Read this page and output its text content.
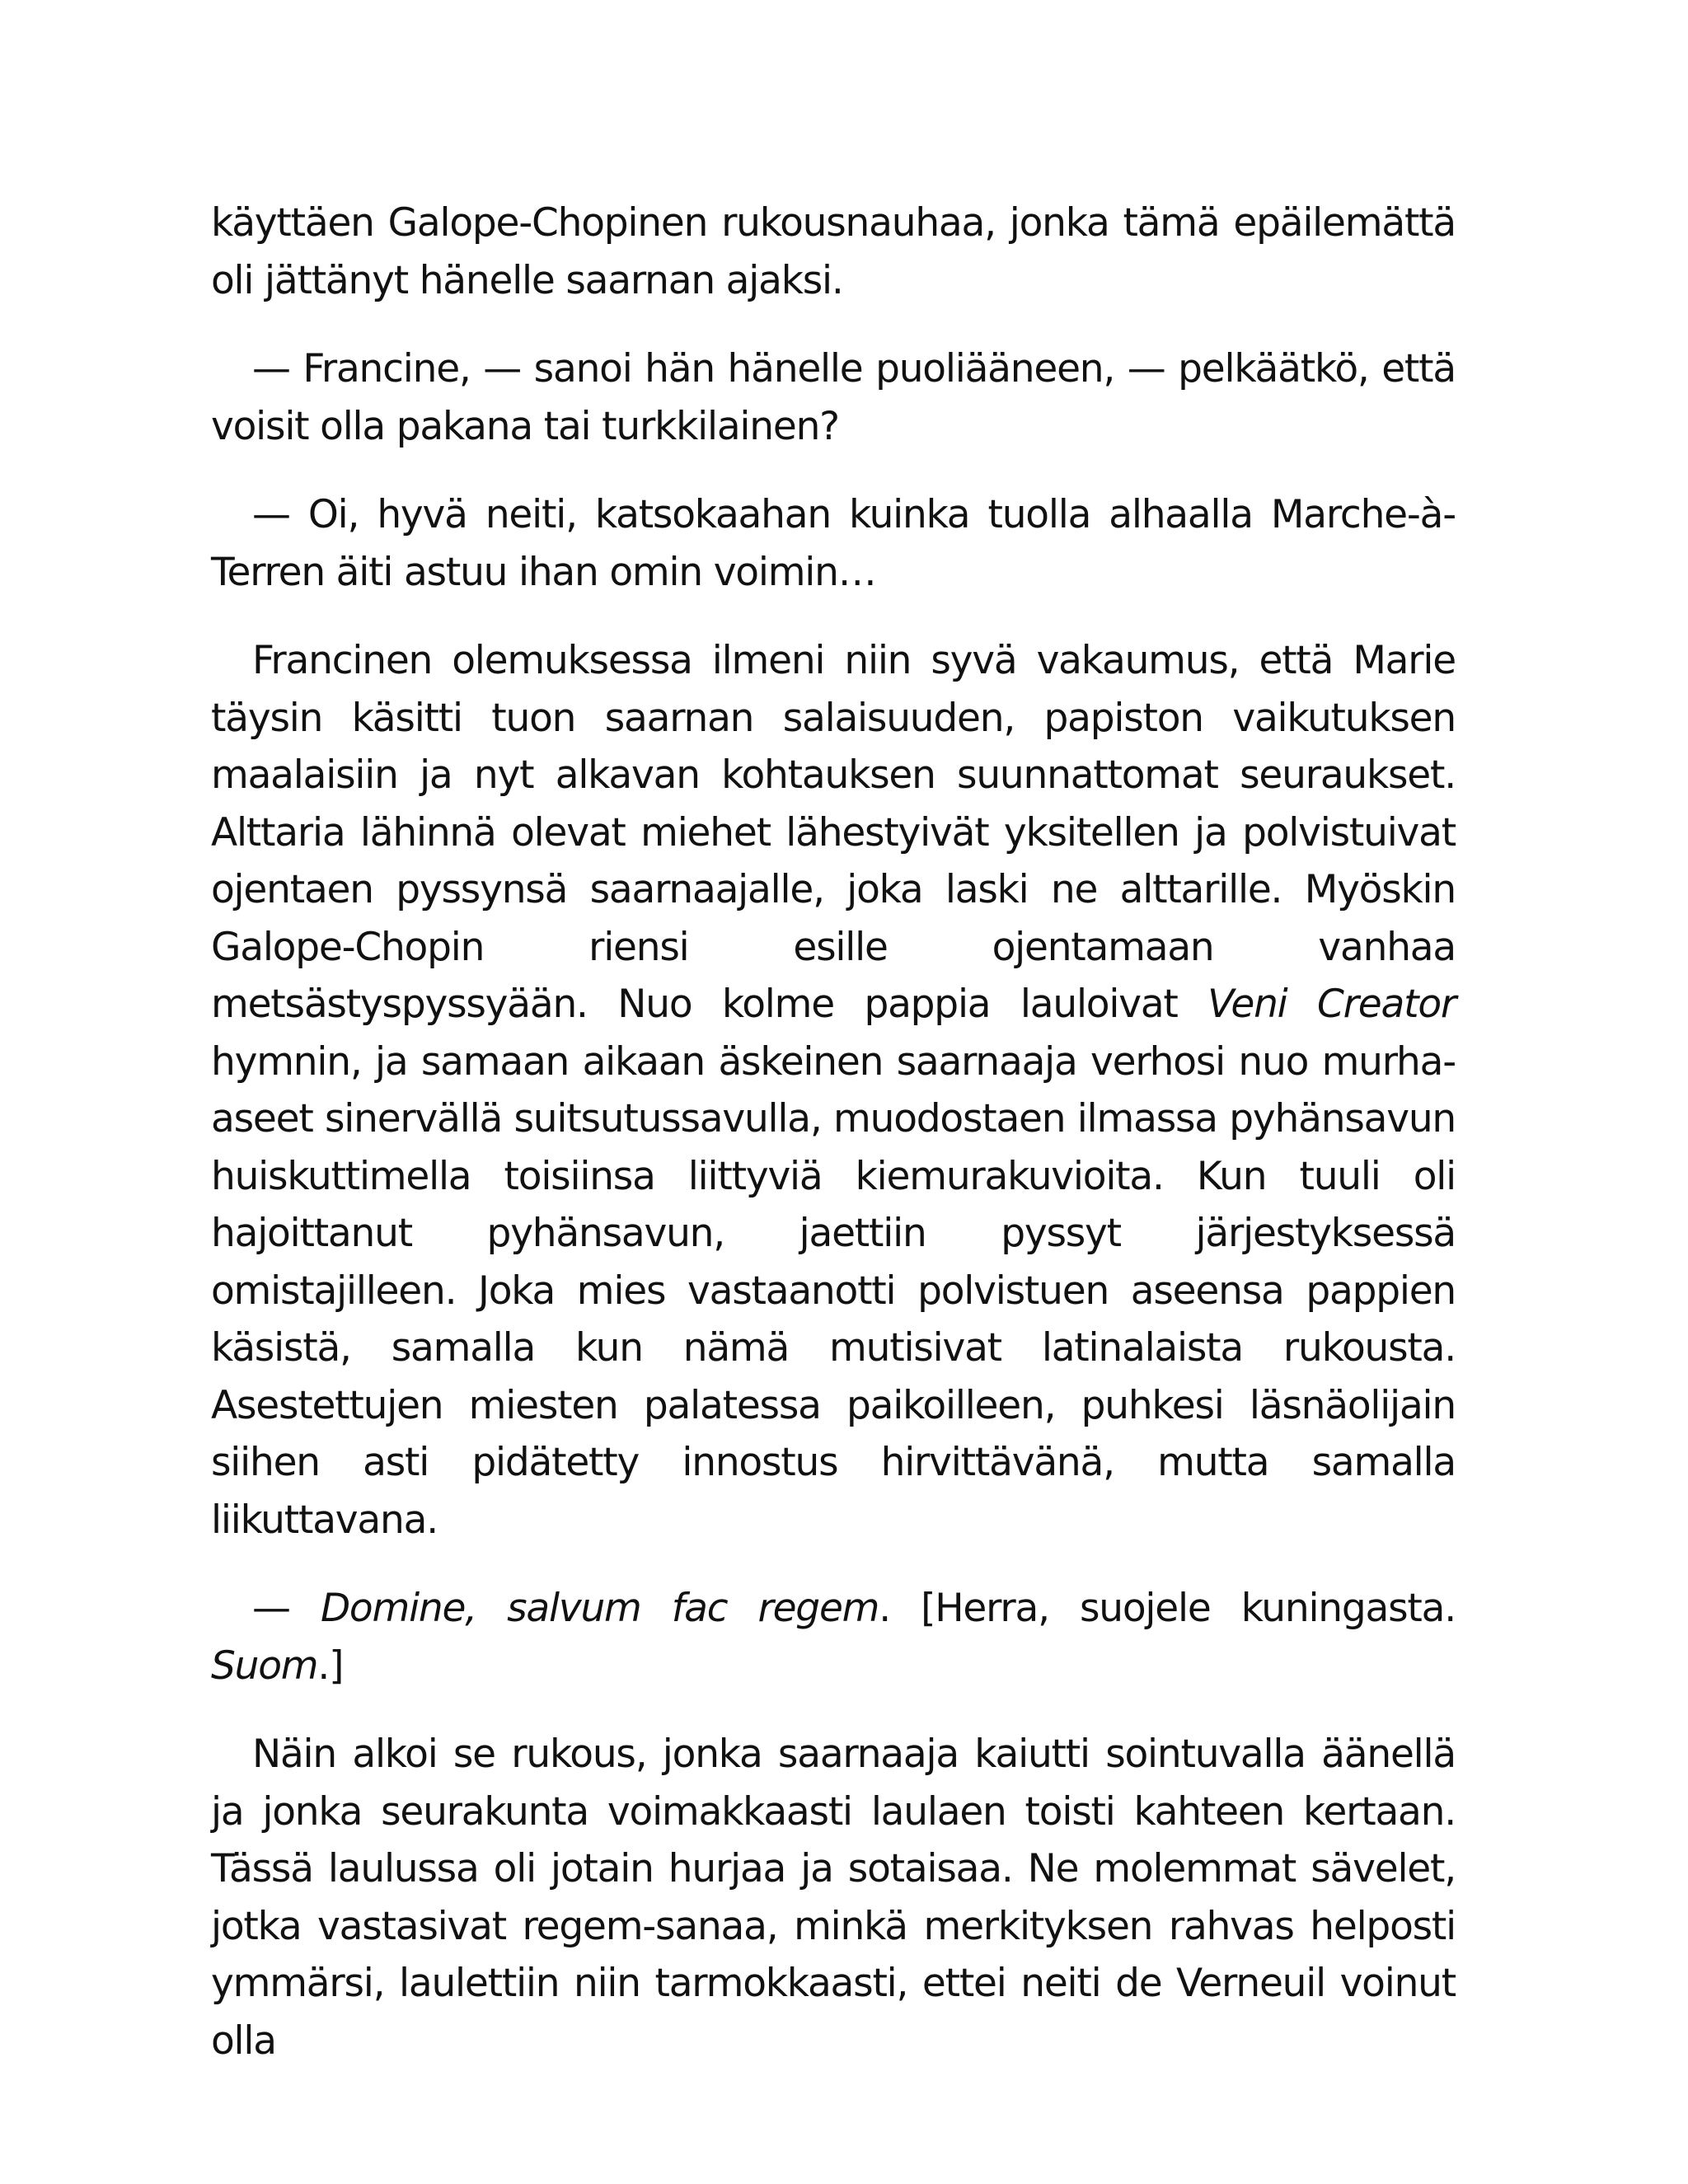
käyttäen Galope-Chopinen rukousnauhaa, jonka tämä epäilemättä oli jättänyt hänelle saarnan ajaksi.

— Francine, — sanoi hän hänelle puoliääneen, — pelkäätkö, että voisit olla pakana tai turkkilainen?

— Oi, hyvä neiti, katsokaahan kuinka tuolla alhaalla Marche-à-Terren äiti astuu ihan omin voimin…

Francinen olemuksessa ilmeni niin syvä vakaumus, että Marie täysin käsitti tuon saarnan salaisuuden, papiston vaikutuksen maalaisiin ja nyt alkavan kohtauksen suunnattomat seuraukset. Alttaria lähinnä olevat miehet lähestyivät yksitellen ja polvistuivat ojentaen pyssynsä saarnaajalle, joka laski ne alttarille. Myöskin Galope-Chopin riensi esille ojentamaan vanhaa metsästyspyssyään. Nuo kolme pappia lauloivat Veni Creator hymnin, ja samaan aikaan äskeinen saarnaaja verhosi nuo murha-aseet sinervällä suitsutussavulla, muodostaen ilmassa pyhänsavun huiskuttimella toisiinsa liittyviä kiemurakuvioita. Kun tuuli oli hajoittanut pyhänsavun, jaettiin pyssyt järjestyksessä omistajilleen. Joka mies vastaanotti polvistuen aseensa pappien käsistä, samalla kun nämä mutisivat latinalaista rukousta. Asestettujen miesten palatessa paikoilleen, puhkesi läsnäolijain siihen asti pidätetty innostus hirvittävänä, mutta samalla liikuttavana.

— Domine, salvum fac regem. [Herra, suojele kuningasta. Suom.]

Näin alkoi se rukous, jonka saarnaaja kaiutti sointuvalla äänellä ja jonka seurakunta voimakkaasti laulaen toisti kahteen kertaan. Tässä laulussa oli jotain hurjaa ja sotaisaa. Ne molemmat sävelet, jotka vastasivat regem-sanaa, minkä merkityksen rahvas helposti ymmärsi, laulettiin niin tarmokkaasti, ettei neiti de Verneuil voinut olla
